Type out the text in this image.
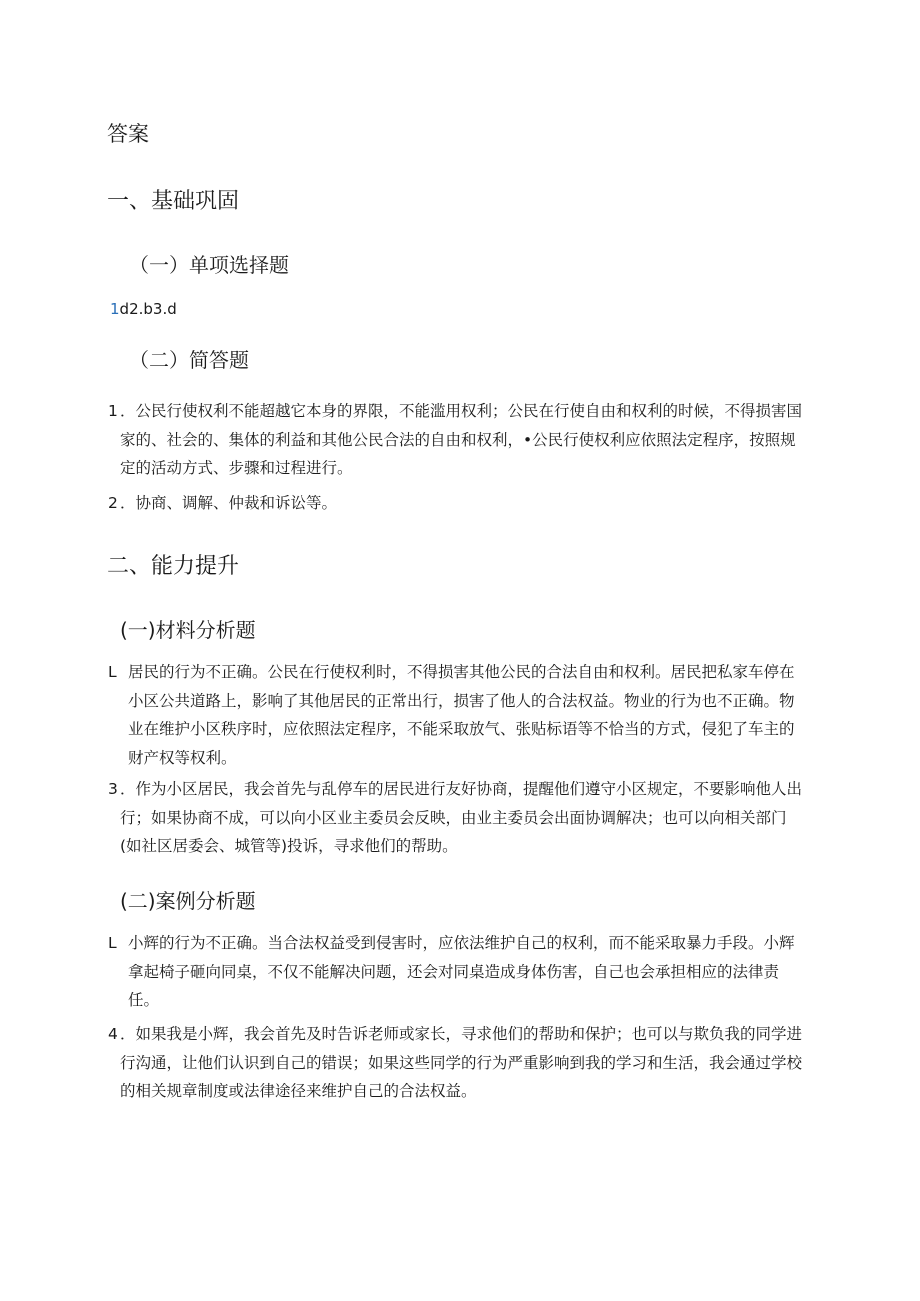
答案
一、基础巩固
（一）单项选择题
1d2.b3.d
（二）简答题
1 ．公民行使权利不能超越它本身的界限，不能滥用权利；公民在行使自由和权利的时候，不得损害国家的、社会的、集体的利益和其他公民合法的自由和权利，•公民行使权利应依照法定程序，按照规定的活动方式、步骤和过程进行。
2 ．协商、调解、仲裁和诉讼等。
二、能力提升
(一)材料分析题
L 居民的行为不正确。公民在行使权利时，不得损害其他公民的合法自由和权利。居民把私家车停在小区公共道路上，影响了其他居民的正常出行，损害了他人的合法权益。物业的行为也不正确。物业在维护小区秩序时，应依照法定程序，不能采取放气、张贴标语等不恰当的方式，侵犯了车主的财产权等权利。
3 ．作为小区居民，我会首先与乱停车的居民进行友好协商，提醒他们遵守小区规定，不要影响他人出行；如果协商不成，可以向小区业主委员会反映，由业主委员会出面协调解决；也可以向相关部门(如社区居委会、城管等)投诉，寻求他们的帮助。
(二)案例分析题
L 小辉的行为不正确。当合法权益受到侵害时，应依法维护自己的权利，而不能采取暴力手段。小辉拿起椅子砸向同桌，不仅不能解决问题，还会对同桌造成身体伤害，自己也会承担相应的法律责任。
4 ．如果我是小辉，我会首先及时告诉老师或家长，寻求他们的帮助和保护；也可以与欺负我的同学进行沟通，让他们认识到自己的错误；如果这些同学的行为严重影响到我的学习和生活，我会通过学校的相关规章制度或法律途径来维护自己的合法权益。
